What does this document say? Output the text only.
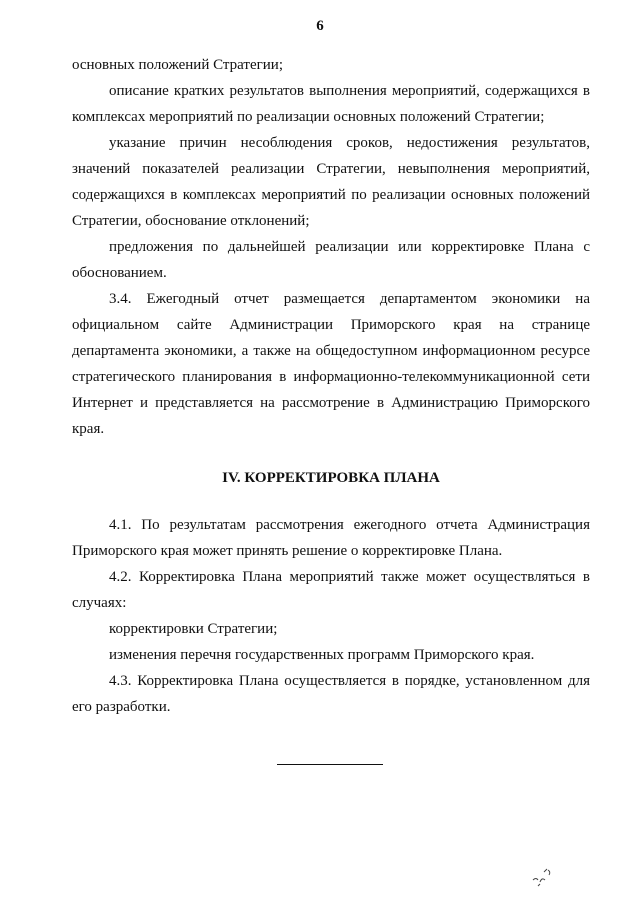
6

основных положений Стратегии;

описание кратких результатов выполнения мероприятий, содержащихся в комплексах мероприятий по реализации основных положений Стратегии;

указание причин несоблюдения сроков, недостижения результатов, значений показателей реализации Стратегии, невыполнения мероприятий, содержащихся в комплексах мероприятий по реализации основных положений Стратегии, обоснование отклонений;

предложения по дальнейшей реализации или корректировке Плана с обоснованием.

3.4. Ежегодный отчет размещается департаментом экономики на официальном сайте Администрации Приморского края на странице департамента экономики, а также на общедоступном информационном ресурсе стратегического планирования в информационно-телекоммуникационной сети Интернет и представляется на рассмотрение в Администрацию Приморского края.

IV. КОРРЕКТИРОВКА ПЛАНА

4.1. По результатам рассмотрения ежегодного отчета Администрация Приморского края может принять решение о корректировке Плана.

4.2. Корректировка Плана мероприятий также может осуществляться в случаях:

корректировки Стратегии;

изменения перечня государственных программ Приморского края.

4.3. Корректировка Плана осуществляется в порядке, установленном для его разработки.
